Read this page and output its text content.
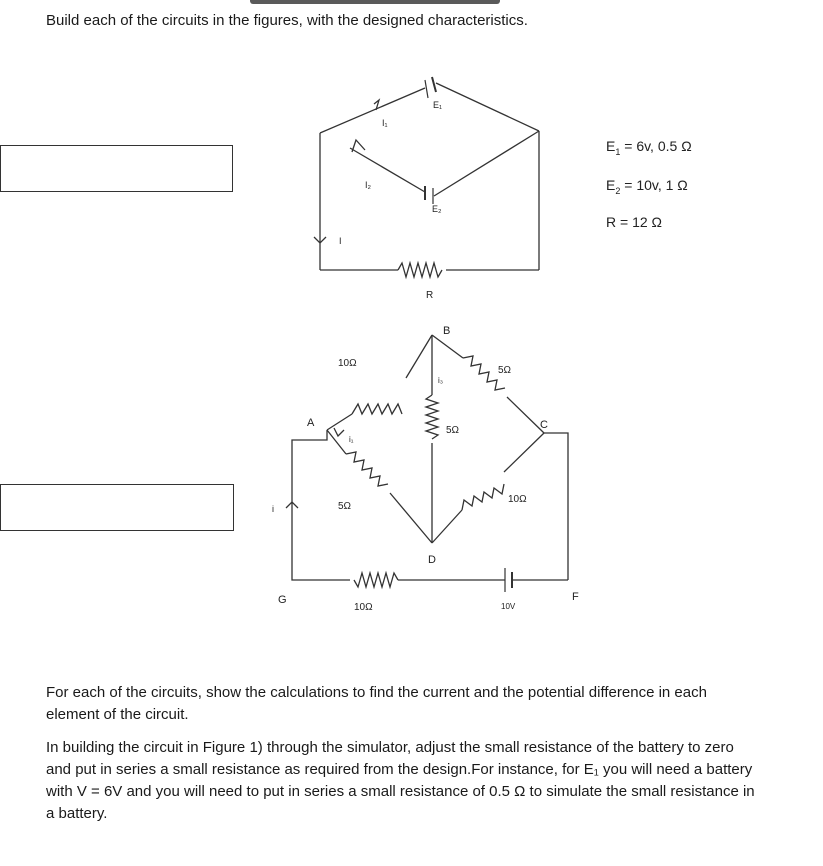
Build each of the circuits in the figures, with the designed characteristics.

E₁
I₁
I₂
E₂
I
R
B
10Ω
5Ω
i₃
A
5Ω	C
i₁
10Ω
i	5Ω
D
G	F
10Ω	10V
$E_1 = 6v$, 0.5 Ω
$E_2 = 10v$, 1 Ω
R = 12 Ω

For each of the circuits, show the calculations to find the current and the potential difference in each element of the circuit.

In building the circuit in Figure 1) through the simulator, adjust the small resistance of the battery to zero and put in series a small resistance as required from the design.For instance, for E₁ you will need a battery with V = 6V and you will need to put in series a small resistance of 0.5 Ω to simulate the small resistance in a battery.
